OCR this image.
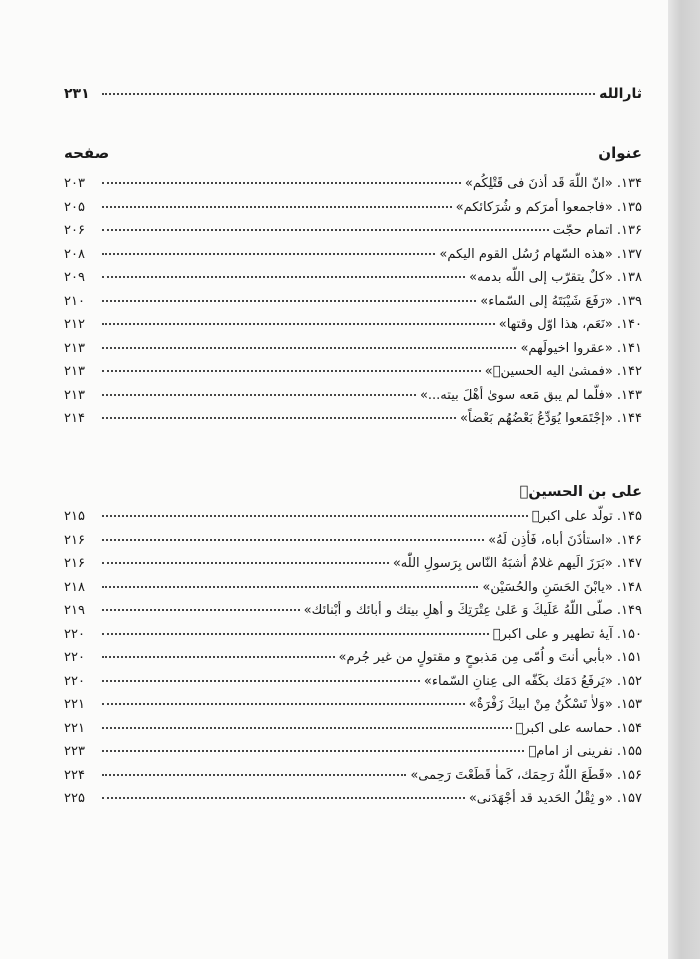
ثارالله
۲۳۱
عنوان
صفحه
۱۳۴. «انّ اللّهَ قَد أذنَ فی قَتْلِکُم»
۲۰۳
۱۳۵. «فاجمعوا أمرَکم و شُرَکائکم»
۲۰۵
۱۳۶. اتمام حجّت
۲۰۶
۱۳۷. «هذه السّهام رُسُل القوم الیکم»
۲۰۸
۱۳۸. «کلٌ یتقرّب إلی اللّه بدمه»
۲۰۹
۱۳۹. «رَفَعَ شَیْبَتَهُ إلی السّماء»
۲۱۰
۱۴۰. «نَعَم، هذا اوّل وقتها»
۲۱۲
۱۴۱. «عقروا اخیولَهم»
۲۱۳
۱۴۲. «فمشیٰ الیه الحسینؑ»
۲۱۳
۱۴۳. «فلّما لم یبق مَعه سویٰ أهْلَ بیته...»
۲۱۳
۱۴۴. «إجْتَمَعوا یُوَدِّعُ بَعْضُهُم بَعْضاً»
۲۱۴
علی بن الحسینؑ
۱۴۵. تولّد علی اکبرؑ
۲۱۵
۱۴۶. «استأذَنَ أباه، فَأذِن لَهُ»
۲۱۶
۱۴۷. «بَرَزَ الَیهم غلامٌ أشبَهُ النّاس بِرَسولِ اللّٰه»
۲۱۶
۱۴۸. «یابْنَ الحَسَنِ والحُسَیْن»
۲۱۸
۱۴۹. صلّی اللّهُ عَلَیكَ وَ عَلیٰ عِتْرَتِكَ و أهلِ بیتك و أبائك و أبْنائك»
۲۱۹
۱۵۰. آیهٔ تطهیر و علی اکبرؑ
۲۲۰
۱۵۱. «بأبي أنتَ و اُمّی مِن مَذبوحٍ و مقتولٍ من غیر جُرم»
۲۲۰
۱۵۲. «یَرفَعُ دَمَك بکَفّه الی عِنانِ السّماء»
۲۲۰
۱۵۳. «وَلاٰ تَسْکُنُ مِنْ ابیكَ زَفْرَةٌ»
۲۲۱
۱۵۴. حماسه علی اکبرؑ
۲۲۱
۱۵۵. نفرینی از امامؑ
۲۲۳
۱۵۶. «قَطَعَ اللّهُ رَحِمَك، کَماٰ قَطَعْتَ رَحِمی»
۲۲۴
۱۵۷. «و ثِقْلُ الحَدید قد أجْهَدَنی»
۲۲۵
